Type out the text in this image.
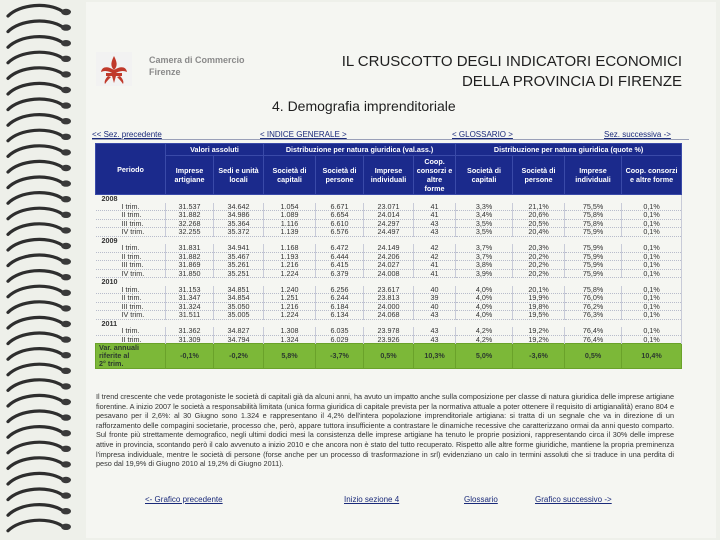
Camera di Commercio
Firenze
IL CRUSCOTTO DEGLI INDICATORI ECONOMICI
DELLA PROVINCIA DI FIRENZE
4. Demografia imprenditoriale
<< Sez. precedente	< INDICE GENERALE >	< GLOSSARIO >	Sez. successiva ->
Periodo	Valori assoluti		Distribuzione per natura giuridica (val.ass.)				Distribuzione per natura giuridica (quote %)			
	Imprese artigiane	Sedi e unità locali	Società di capitali	Società di persone	Imprese individuali	Coop. consorzi e altre forme	Società di capitali	Società di persone	Imprese individuali	Coop. consorzi e altre forme
2008										
I trim.	31.537	34.642	1.054	6.671	23.071	41	3,3%	21,1%	75,5%	0,1%
II trim.	31.882	34.986	1.089	6.654	24.014	41	3,4%	20,6%	75,8%	0,1%
III trim.	32.268	35.364	1.116	6.610	24.297	43	3,5%	20,5%	75,8%	0,1%
IV trim.	32.255	35.372	1.139	6.576	24.497	43	3,5%	20,4%	75,9%	0,1%
2009										
I trim.	31.831	34.941	1.168	6.472	24.149	42	3,7%	20,3%	75,9%	0,1%
II trim.	31.882	35.467	1.193	6.444	24.206	42	3,7%	20,2%	75,9%	0,1%
III trim.	31.869	35.261	1.216	6.415	24.027	41	3,8%	20,2%	75,9%	0,1%
IV trim.	31.850	35.251	1.224	6.379	24.008	41	3,9%	20,2%	75,9%	0,1%
2010										
I trim.	31.153	34.851	1.240	6.256	23.617	40	4,0%	20,1%	75,8%	0,1%
II trim.	31.347	34.854	1.251	6.244	23.813	39	4,0%	19,9%	76,0%	0,1%
III trim.	31.324	35.050	1.216	6.184	24.000	40	4,0%	19,8%	76,2%	0,1%
IV trim.	31.511	35.005	1.224	6.134	24.068	43	4,0%	19,5%	76,3%	0,1%
2011										
I trim.	31.362	34.827	1.308	6.035	23.978	43	4,2%	19,2%	76,4%	0,1%
II trim.	31.309	34.794	1.324	6.029	23.926	43	4,2%	19,2%	76,4%	0,1%

Var. annuali riferite al
2° trim.	-0,1%	-0,2%	5,8%	-3,7%	0,5%	10,3%	5,0%	-3,6%	0,5%	10,4%
Il trend crescente che vede protagoniste le società di capitali già da alcuni anni, ha avuto un impatto anche sulla composizione per classe di natura giuridica delle imprese artigiane fiorentine. A inizio 2007 le società a responsabilità limitata (unica forma giuridica di capitale prevista per la normativa attuale a poter ottenere il requisito di artigianalità) erano 804 e pesavano per il 2,6%: al 30 Giugno sono 1.324 e rappresentano il 4,2% dell'intera popolazione imprenditoriale artigiana: si tratta di un segnale che va in direzione di un rafforzamento delle compagini societarie, processo che, però, appare tuttora insufficiente a contrastare le dinamiche recessive che caratterizzano ormai da anni questo comparto. Sul fronte più strettamente demografico, negli ultimi dodici mesi la consistenza delle imprese artigiane ha tenuto le proprie posizioni, rappresentando circa il 30% delle imprese attive in provincia, scontando però il calo avvenuto a inizio 2010 e che ancora non è stato del tutto recuperato. Rispetto alle altre forme giuridiche, mantiene la propria preminenza l'impresa individuale, mentre le società di persone (forse anche per un processo di trasformazione in srl) evidenziano un calo in termini assoluti che si traduce in una perdita di peso dal 19,9% di Giugno 2010 al 19,2% di Giugno 2011).
<- Grafico precedente	Inizio sezione 4	Glossario	Grafico successivo ->
